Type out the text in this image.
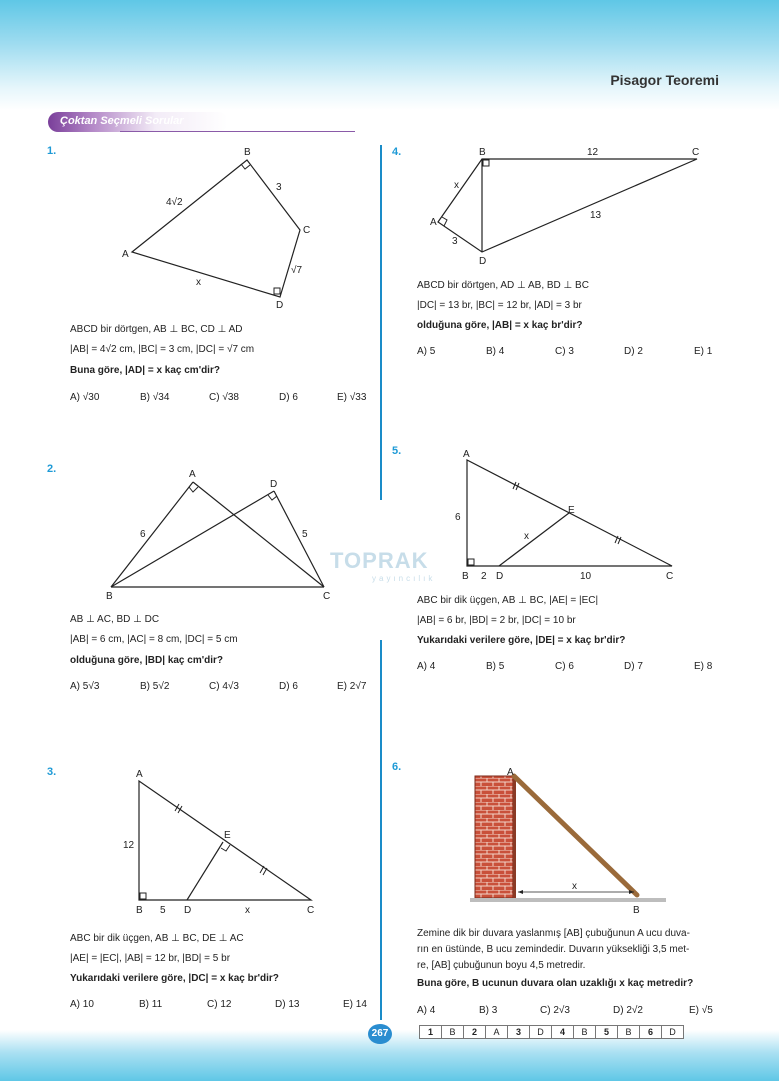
Pisagor Teoremi
Çoktan Seçmeli Sorular
TOPRAK
yayıncılık
1.	B
A
C
D
4√2
3
√7
x
ABCD bir dörtgen, AB ⊥ BC, CD ⊥ AD
|AB| = 4√2 cm, |BC| = 3 cm, |DC| = √7 cm
Buna göre, |AD| = x kaç cm'dir?
A) √30	B) √34	C) √38	D) 6	E) √33
2.	A
D
B	C
6	5
AB ⊥ AC, BD ⊥ DC
|AB| = 6 cm, |AC| = 8 cm, |DC| = 5 cm
olduğuna göre, |BD| kaç cm'dir?
A) 5√3	B) 5√2	C) 4√3	D) 6	E) 2√7
3.	A
B	D	C
E
12
5	x
ABC bir dik üçgen, AB ⊥ BC, DE ⊥ AC
|AE| = |EC|, |AB| = 12 br, |BD| = 5 br
Yukarıdaki verilere göre, |DC| = x kaç br'dir?
A) 10	B) 11	C) 12	D) 13	E) 14
4.	B	C
A
D
12
13
x
3
ABCD bir dörtgen, AD ⊥ AB, BD ⊥ BC
|DC| = 13 br, |BC| = 12 br, |AD| = 3 br
olduğuna göre, |AB| = x kaç br'dir?
A) 5	B) 4	C) 3	D) 2	E) 1
5.	A
B	D	C
E
6
2	10
x
ABC bir dik üçgen, AB ⊥ BC, |AE| = |EC|
|AB| = 6 br, |BD| = 2 br, |DC| = 10 br
Yukarıdaki verilere göre, |DE| = x kaç br'dir?
A) 4	B) 5	C) 6	D) 7	E) 8
6.	A
B
x
Zemine dik bir duvara yaslanmış [AB] çubuğunun A ucu duva-
rın en üstünde, B ucu zemindedir. Duvarın yüksekliği 3,5 met-
re, [AB] çubuğunun boyu 4,5 metredir.
Buna göre, B ucunun duvara olan uzaklığı x kaç metredir?
A) 4	B) 3	C) 2√3	D) 2√2	E) √5
267	1	B	2	A	3	D	4	B	5	B	6	D
